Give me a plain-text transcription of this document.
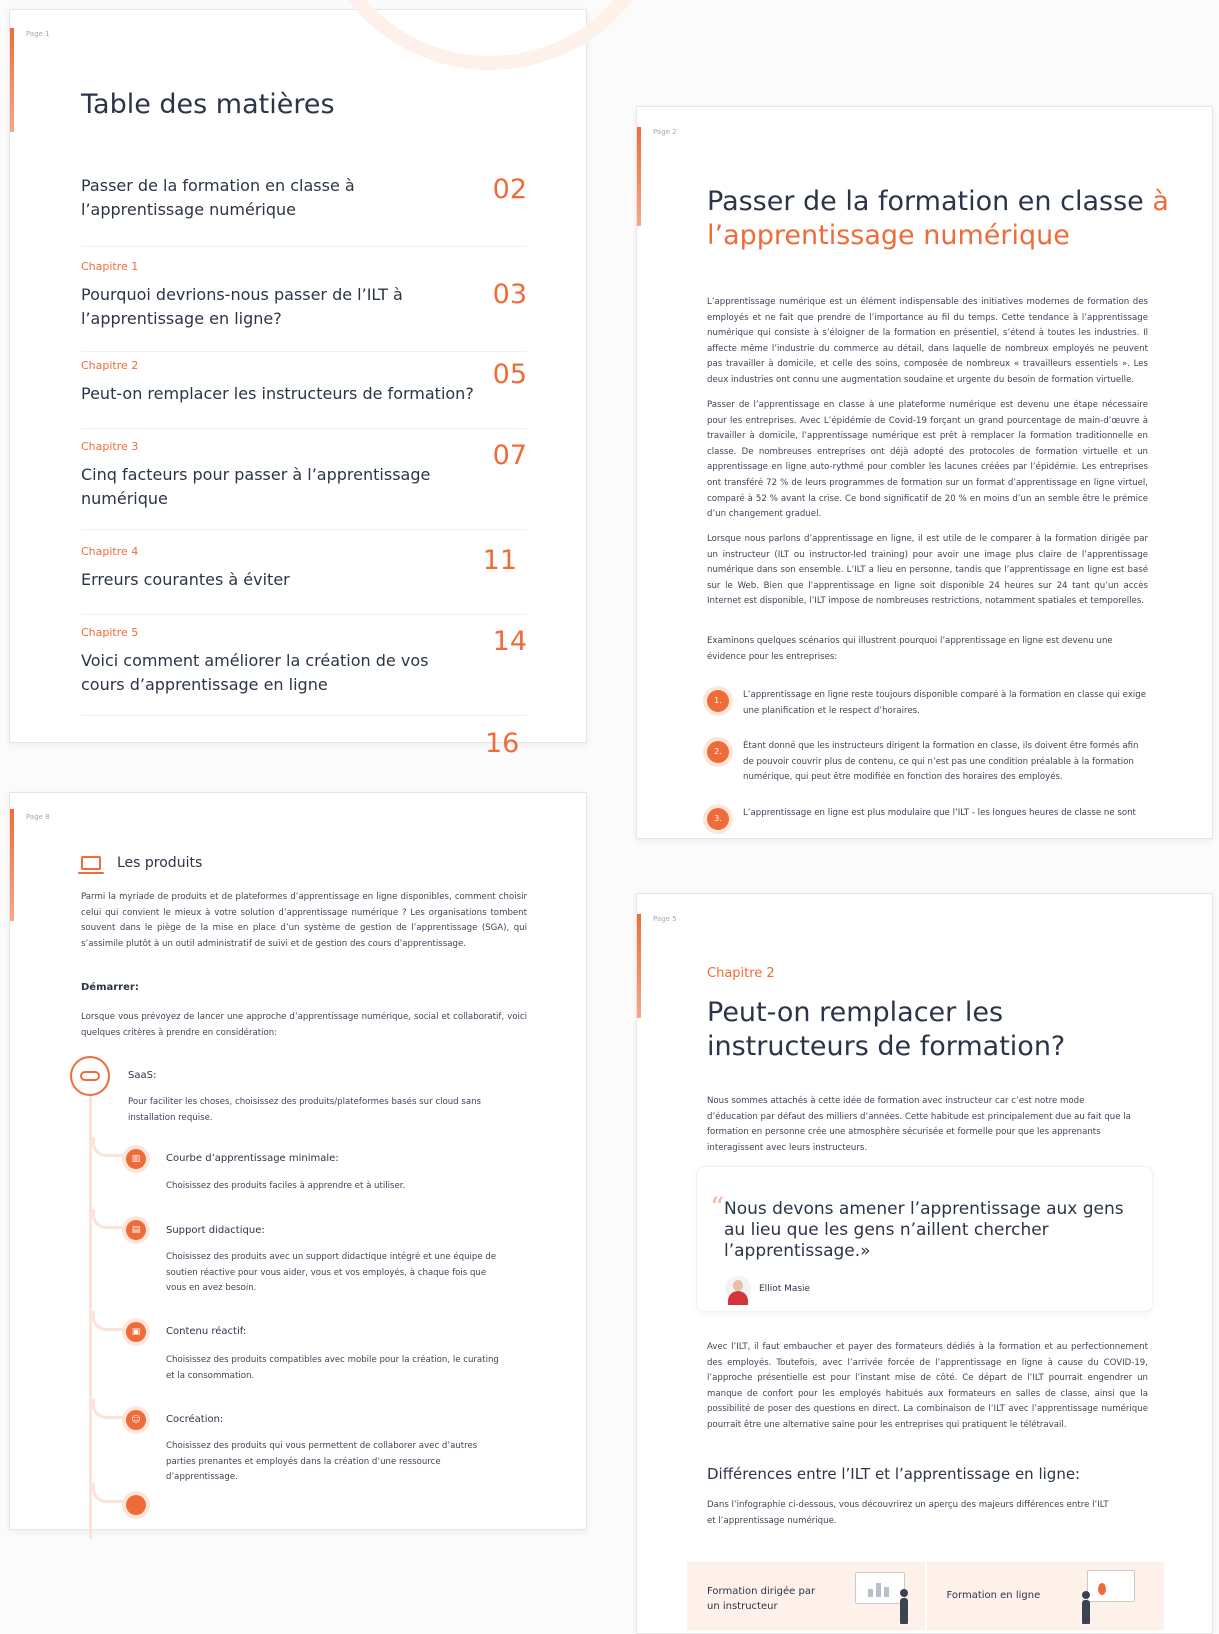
Page 1
Table des matières
Passer de la formation en classe à l’apprentissage numérique
02
Chapitre 1
Pourquoi devrions-nous passer de l’ILT à l’apprentissage en ligne?
03
Chapitre 2
Peut-on remplacer les instructeurs de formation?
05
Chapitre 3
Cinq facteurs pour passer à l’apprentissage numérique
07
Chapitre 4
Erreurs courantes à éviter
11
Chapitre 5
Voici comment améliorer la création de vos cours d’apprentissage en ligne
14
16
Page 2
Passer de la formation en classe à
l’apprentissage numérique
L’apprentissage numérique est un élément indispensable des initiatives modernes de formation des employés et ne fait que prendre de l’importance au fil du temps. Cette tendance à l’apprentissage numérique qui consiste à s’éloigner de la formation en présentiel, s’étend à toutes les industries. Il affecte même l’industrie du commerce au détail, dans laquelle de nombreux employés ne peuvent pas travailler à domicile, et celle des soins, composée de nombreux « travailleurs essentiels ». Les deux industries ont connu une augmentation soudaine et urgente du besoin de formation virtuelle.
Passer de l’apprentissage en classe à une plateforme numérique est devenu une étape nécessaire pour les entreprises. Avec L’épidémie de Covid-19 forçant un grand pourcentage de main-d’œuvre à travailler à domicile, l’apprentissage numérique est prêt à remplacer la formation traditionnelle en classe. De nombreuses entreprises ont déjà adopté des protocoles de formation virtuelle et un apprentissage en ligne auto-rythmé pour combler les lacunes créées par l’épidémie. Les entreprises ont transféré 72 % de leurs programmes de formation sur un format d’apprentissage en ligne virtuel, comparé à 52 % avant la crise. Ce bond significatif de 20 % en moins d’un an semble être le prémice d’un changement graduel.
Lorsque nous parlons d’apprentissage en ligne, il est utile de le comparer à la formation dirigée par un instructeur (ILT ou instructor-led training) pour avoir une image plus claire de l’apprentissage numérique dans son ensemble. L’ILT a lieu en personne, tandis que l’apprentissage en ligne est basé sur le Web. Bien que l’apprentissage en ligne soit disponible 24 heures sur 24 tant qu’un accès Internet est disponible, l’ILT impose de nombreuses restrictions, notamment spatiales et temporelles.
Examinons quelques scénarios qui illustrent pourquoi l’apprentissage en ligne est devenu une évidence pour les entreprises:
1.
L’apprentissage en ligne reste toujours disponible comparé à la formation en classe qui exige une planification et le respect d’horaires.
2.
Étant donné que les instructeurs dirigent la formation en classe, ils doivent être formés afin de pouvoir couvrir plus de contenu, ce qui n’est pas une condition préalable à la formation numérique, qui peut être modifiée en fonction des horaires des employés.
3.
L’apprentissage en ligne est plus modulaire que l’ILT - les longues heures de classe ne sont
Page 8
Les produits
Parmi la myriade de produits et de plateformes d’apprentissage en ligne disponibles, comment choisir celui qui convient le mieux à votre solution d’apprentissage numérique ? Les organisations tombent souvent dans le piège de la mise en place d’un système de gestion de l’apprentissage (SGA), qui s’assimile plutôt à un outil administratif de suivi et de gestion des cours d’apprentissage.
Démarrer:
Lorsque vous prévoyez de lancer une approche d’apprentissage numérique, social et collaboratif, voici quelques critères à prendre en considération:
SaaS:
Pour faciliter les choses, choisissez des produits/plateformes basés sur cloud sans installation requise.
▥	Courbe d’apprentissage minimale:
Choisissez des produits faciles à apprendre et à utiliser.
▤	Support didactique:
Choisissez des produits avec un support didactique intégré et une équipe de soutien réactive pour vous aider, vous et vos employés, à chaque fois que vous en avez besoin.
▣	Contenu réactif:
Choisissez des produits compatibles avec mobile pour la création, le curating et la consommation.
☺	Cocréation:
Choisissez des produits qui vous permettent de collaborer avec d’autres parties prenantes et employés dans la création d’une ressource d’apprentissage.
Page 5
Chapitre 2
Peut-on remplacer les instructeurs de formation?
Nous sommes attachés à cette idée de formation avec instructeur car c’est notre mode d’éducation par défaut des milliers d’années. Cette habitude est principalement due au fait que la formation en personne crée une atmosphère sécurisée et formelle pour que les apprenants interagissent avec leurs instructeurs.
“ Nous devons amener l’apprentissage aux gens au lieu que les gens n’aillent chercher l’apprentissage.»
Elliot Masie
Avec l’ILT, il faut embaucher et payer des formateurs dédiés à la formation et au perfectionnement des employés. Toutefois, avec l’arrivée forcée de l’apprentissage en ligne à cause du COVID-19, l’approche présentielle est pour l’instant mise de côté. Ce départ de l’ILT pourrait engendrer un manque de confort pour les employés habitués aux formateurs en salles de classe, ainsi que la possibilité de poser des questions en direct. La combinaison de l’ILT avec l’apprentissage numérique pourrait être une alternative saine pour les entreprises qui pratiquent le télétravail.
Différences entre l’ILT et l’apprentissage en ligne:
Dans l’infographie ci-dessous, vous découvrirez un aperçu des majeurs différences entre l’ILT et l’apprentissage numérique.
Formation dirigée par un instructeur
Formation en ligne
